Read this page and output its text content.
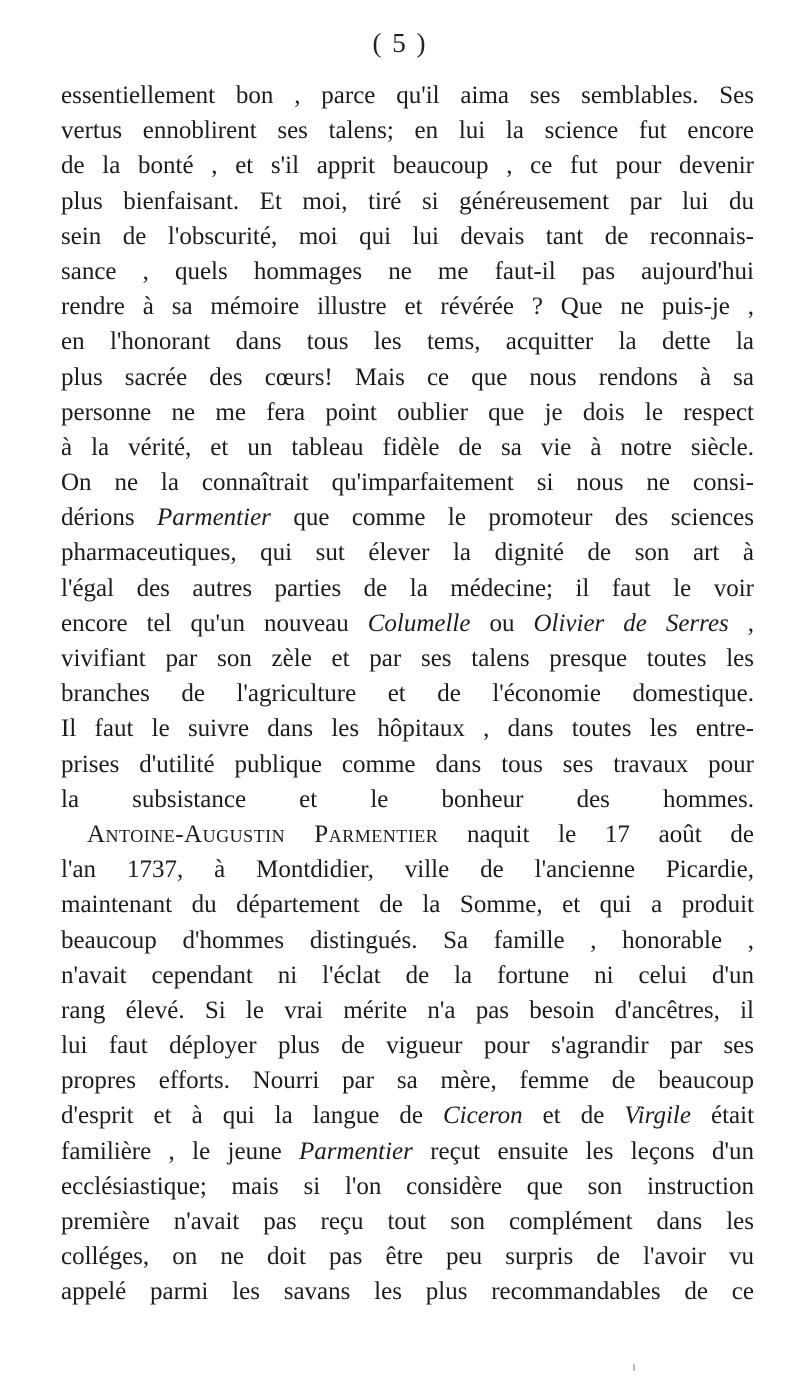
( 5 )
essentiellement bon , parce qu'il aima ses semblables. Ses
vertus ennoblirent ses talens; en lui la science fut encore
de la bonté , et s'il apprit beaucoup , ce fut pour devenir
plus bienfaisant. Et moi, tiré si généreusement par lui du
sein de l'obscurité, moi qui lui devais tant de reconnais-
sance , quels hommages ne me faut-il pas aujourd'hui
rendre à sa mémoire illustre et révérée ? Que ne puis-je ,
en l'honorant dans tous les tems, acquitter la dette la
plus sacrée des cœurs! Mais ce que nous rendons à sa
personne ne me fera point oublier que je dois le respect
à la vérité, et un tableau fidèle de sa vie à notre siècle.
On ne la connaîtrait qu'imparfaitement si nous ne consi-
dérions Parmentier que comme le promoteur des sciences
pharmaceutiques, qui sut élever la dignité de son art à
l'égal des autres parties de la médecine; il faut le voir
encore tel qu'un nouveau Columelle ou Olivier de Serres ,
vivifiant par son zèle et par ses talens presque toutes les
branches de l'agriculture et de l'économie domestique.
Il faut le suivre dans les hôpitaux , dans toutes les entre-
prises d'utilité publique comme dans tous ses travaux pour
la subsistance et le bonheur des hommes.
Antoine-Augustin Parmentier naquit le 17 août de
l'an 1737, à Montdidier, ville de l'ancienne Picardie,
maintenant du département de la Somme, et qui a produit
beaucoup d'hommes distingués. Sa famille , honorable ,
n'avait cependant ni l'éclat de la fortune ni celui d'un
rang élevé. Si le vrai mérite n'a pas besoin d'ancêtres, il
lui faut déployer plus de vigueur pour s'agrandir par ses
propres efforts. Nourri par sa mère, femme de beaucoup
d'esprit et à qui la langue de Ciceron et de Virgile était
familière , le jeune Parmentier reçut ensuite les leçons d'un
ecclésiastique; mais si l'on considère que son instruction
première n'avait pas reçu tout son complément dans les
colléges, on ne doit pas être peu surpris de l'avoir vu
appelé parmi les savans les plus recommandables de ce
